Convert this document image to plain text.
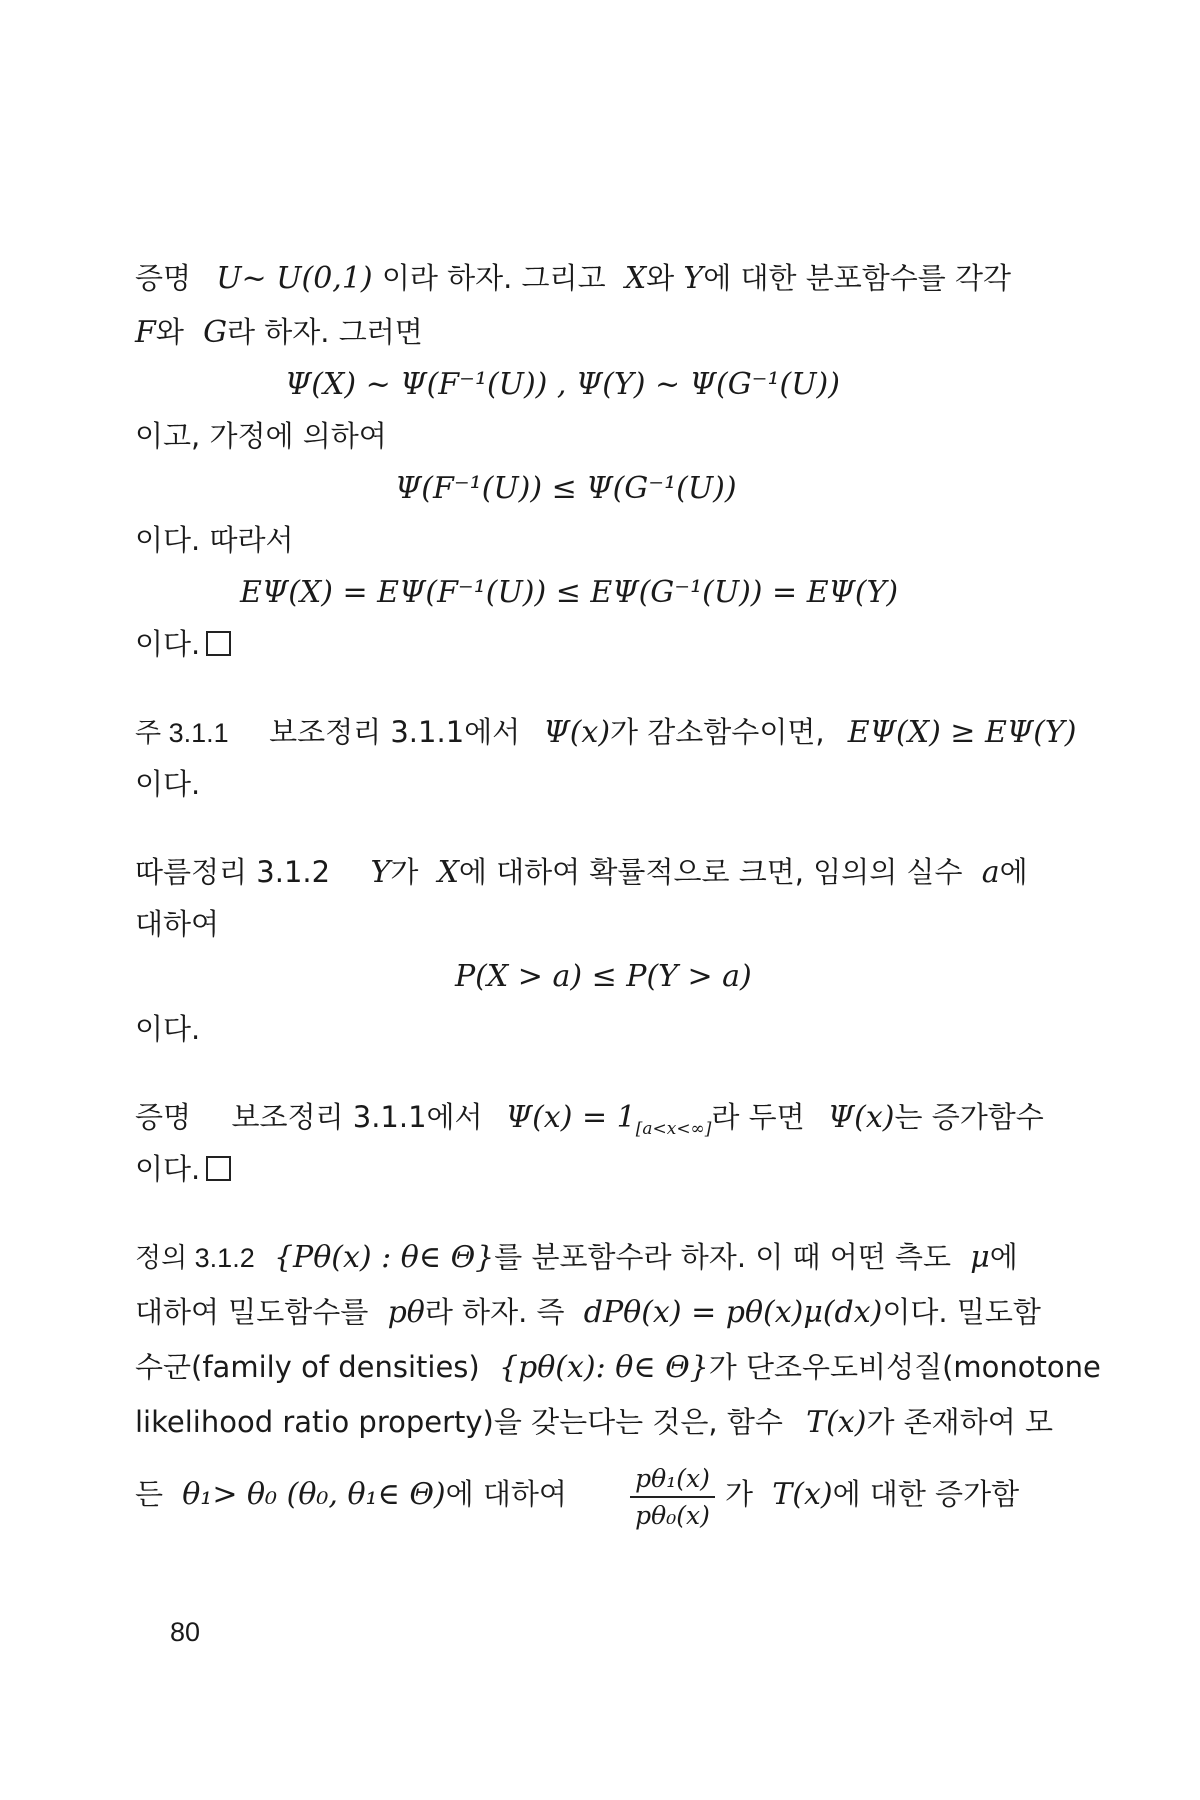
증명 U~ U(0,1) 이라 하자. 그리고 X와 Y에 대한 분포함수를 각각
F와 G라 하자. 그러면
Ψ(X) ~ Ψ(F⁻¹(U)) , Ψ(Y) ~ Ψ(G⁻¹(U))
이고, 가정에 의하여
Ψ(F⁻¹(U)) ≤ Ψ(G⁻¹(U))
이다. 따라서
EΨ(X) = EΨ(F⁻¹(U)) ≤ EΨ(G⁻¹(U)) = EΨ(Y)
이다.
주 3.1.1 보조정리 3.1.1에서 Ψ(x)가 감소함수이면, EΨ(X) ≥ EΨ(Y)
이다.
따름정리 3.1.2 Y가 X에 대하여 확률적으로 크면, 임의의 실수 a에
대하여
P(X > a) ≤ P(Y > a)
이다.
증명 보조정리 3.1.1에서 $\Psi(x) = 1_{[a<x<\infty]}$라 두면 Ψ(x)는 증가함수
이다.
정의 3.1.2 {Pθ(x) : θ∈ Θ}를 분포함수라 하자. 이 때 어떤 측도 μ에
대하여 밀도함수를 pθ라 하자. 즉 dPθ(x) = pθ(x)μ(dx)이다. 밀도함
수군(family of densities) {pθ(x): θ∈ Θ}가 단조우도비성질(monotone
likelihood ratio property)을 갖는다는 것은, 함수 T(x)가 존재하여 모
든 θ₁> θ₀ (θ₀, θ₁∈ Θ)에 대하여	pθ₁(x)
pθ₀(x)
가 T(x)에 대한 증가함
80
